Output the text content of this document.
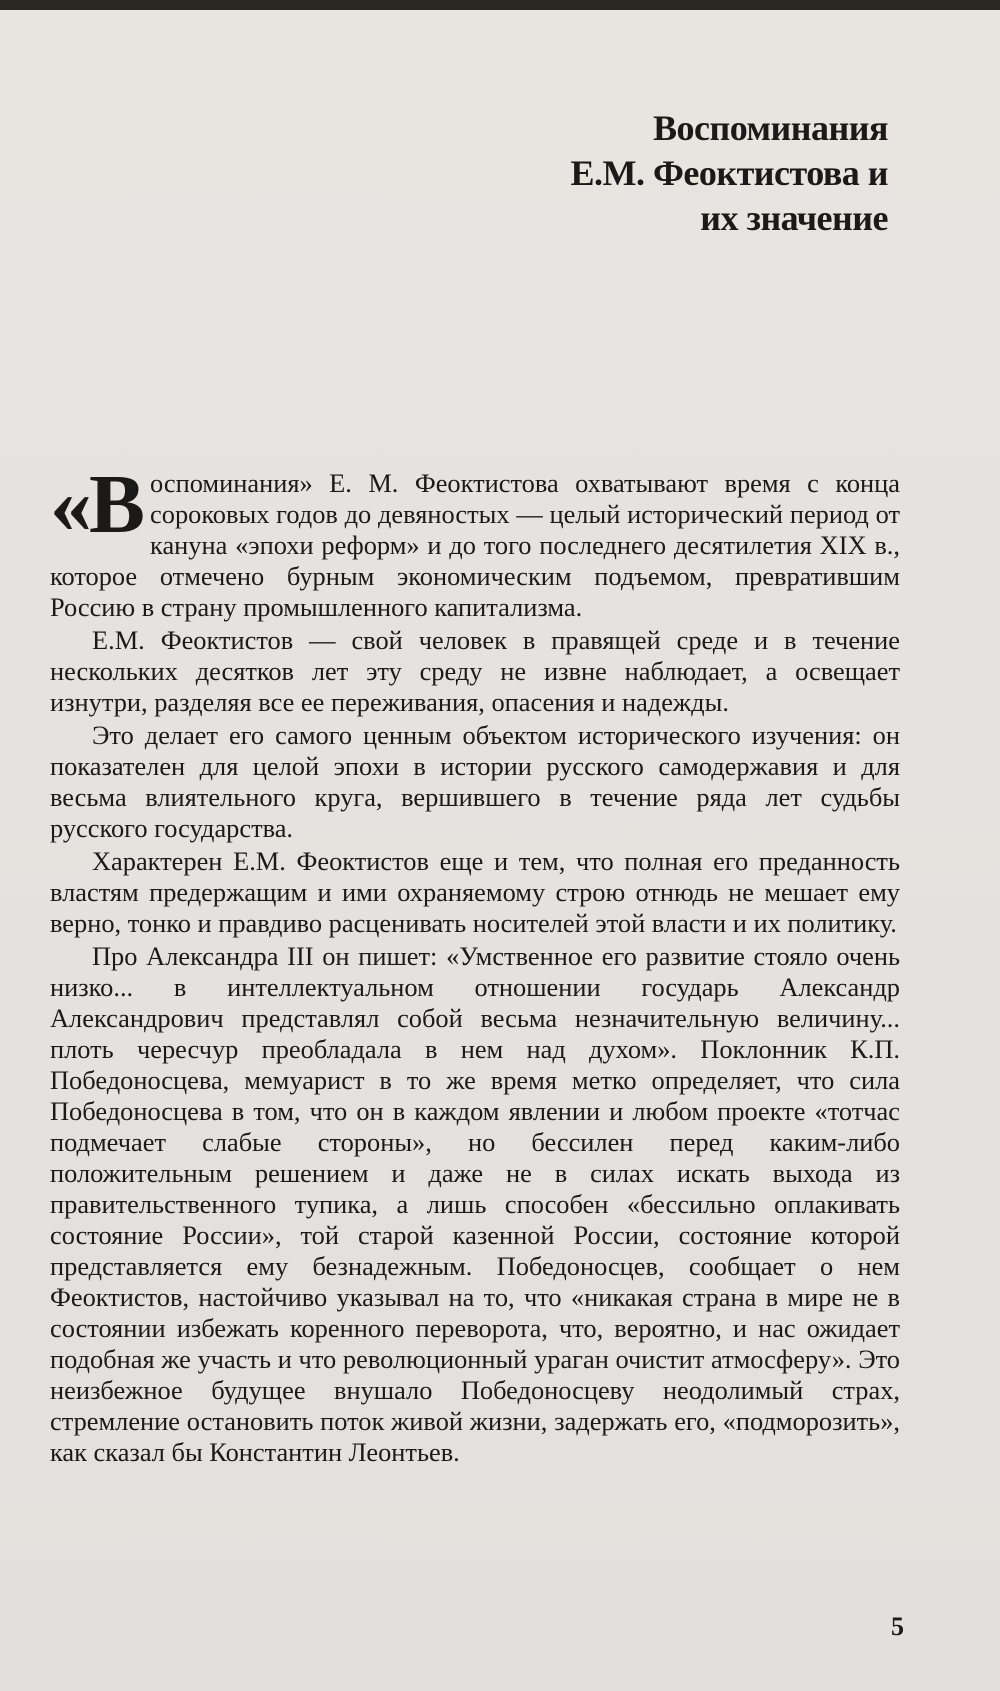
Воспоминания
Е.М. Феоктистова и
их значение

«Воспоминания» Е. М. Феоктистова охватывают время с конца сороковых годов до девяностых — целый исторический период от кануна «эпохи реформ» и до того последнего десятилетия XIX в., которое отмечено бурным экономическим подъемом, превратившим Россию в страну промышленного капитализма.

Е.М. Феоктистов — свой человек в правящей среде и в течение нескольких десятков лет эту среду не извне наблюдает, а освещает изнутри, разделяя все ее переживания, опасения и надежды.

Это делает его самого ценным объектом исторического изучения: он показателен для целой эпохи в истории русского самодержавия и для весьма влиятельного круга, вершившего в течение ряда лет судьбы русского государства.

Характерен Е.М. Феоктистов еще и тем, что полная его преданность властям предержащим и ими охраняемому строю отнюдь не мешает ему верно, тонко и правдиво расценивать носителей этой власти и их политику.

Про Александра III он пишет: «Умственное его развитие стояло очень низко... в интеллектуальном отношении государь Александр Александрович представлял собой весьма незначительную величину... плоть чересчур преобладала в нем над духом». Поклонник К.П. Победоносцева, мемуарист в то же время метко определяет, что сила Победоносцева в том, что он в каждом явлении и любом проекте «тотчас подмечает слабые стороны», но бессилен перед каким-либо положительным решением и даже не в силах искать выхода из правительственного тупика, а лишь способен «бессильно оплакивать состояние России», той старой казенной России, состояние которой представляется ему безнадежным. Победоносцев, сообщает о нем Феоктистов, настойчиво указывал на то, что «никакая страна в мире не в состоянии избежать коренного переворота, что, вероятно, и нас ожидает подобная же участь и что революционный ураган очистит атмосферу». Это неизбежное будущее внушало Победоносцеву неодолимый страх, стремление остановить поток живой жизни, задержать его, «подморозить», как сказал бы Константин Леонтьев.

5
